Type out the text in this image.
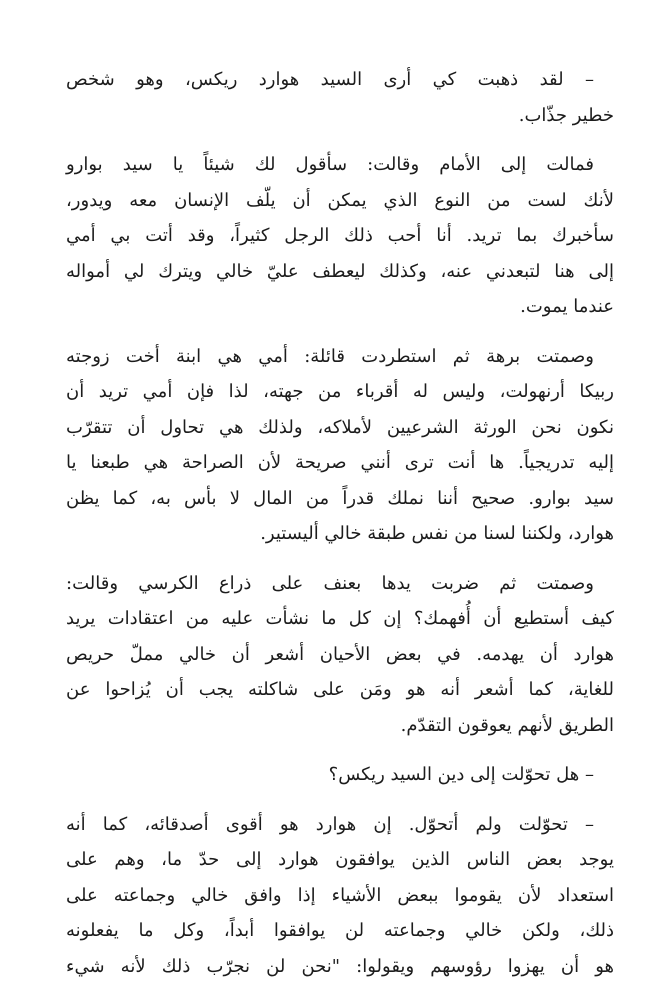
– لقد ذهبت كي أرى السيد هوارد ريكس، وهو شخص
خطير جذّاب.

فمالت إلى الأمام وقالت: سأقول لك شيئاً يا سيد بوارو
لأنك لست من النوع الذي يمكن أن يلّف الإنسان معه ويدور،
سأخبرك بما تريد. أنا أحب ذلك الرجل كثيراً، وقد أتت بي أمي
إلى هنا لتبعدني عنه، وكذلك ليعطف عليّ خالي ويترك لي أمواله
عندما يموت.

وصمتت برهة ثم استطردت قائلة: أمي هي ابنة أخت زوجته
ربيكا أرنهولت، وليس له أقرباء من جهته، لذا فإن أمي تريد أن
نكون نحن الورثة الشرعيين لأملاكه، ولذلك هي تحاول أن تتقرّب
إليه تدريجياً. ها أنت ترى أنني صريحة لأن الصراحة هي طبعنا يا
سيد بوارو. صحيح أننا نملك قدراً من المال لا بأس به، كما يظن
هوارد، ولكننا لسنا من نفس طبقة خالي أليستير.

وصمتت ثم ضربت يدها بعنف على ذراع الكرسي وقالت:
كيف أستطيع أن أُفهمك؟ إن كل ما نشأت عليه من اعتقادات يريد
هوارد أن يهدمه. في بعض الأحيان أشعر أن خالي مملّ حريص
للغاية، كما أشعر أنه هو ومَن على شاكلته يجب أن يُزاحوا عن
الطريق لأنهم يعوقون التقدّم.

– هل تحوّلت إلى دين السيد ريكس؟

– تحوّلت ولم أتحوّل. إن هوارد هو أقوى أصدقائه، كما أنه
يوجد بعض الناس الذين يوافقون هوارد إلى حدّ ما، وهم على
استعداد لأن يقوموا ببعض الأشياء إذا وافق خالي وجماعته على
ذلك، ولكن خالي وجماعته لن يوافقوا أبداً، وكل ما يفعلونه
هو أن يهزوا رؤوسهم ويقولوا: "نحن لن نجرّب ذلك لأنه شيء
